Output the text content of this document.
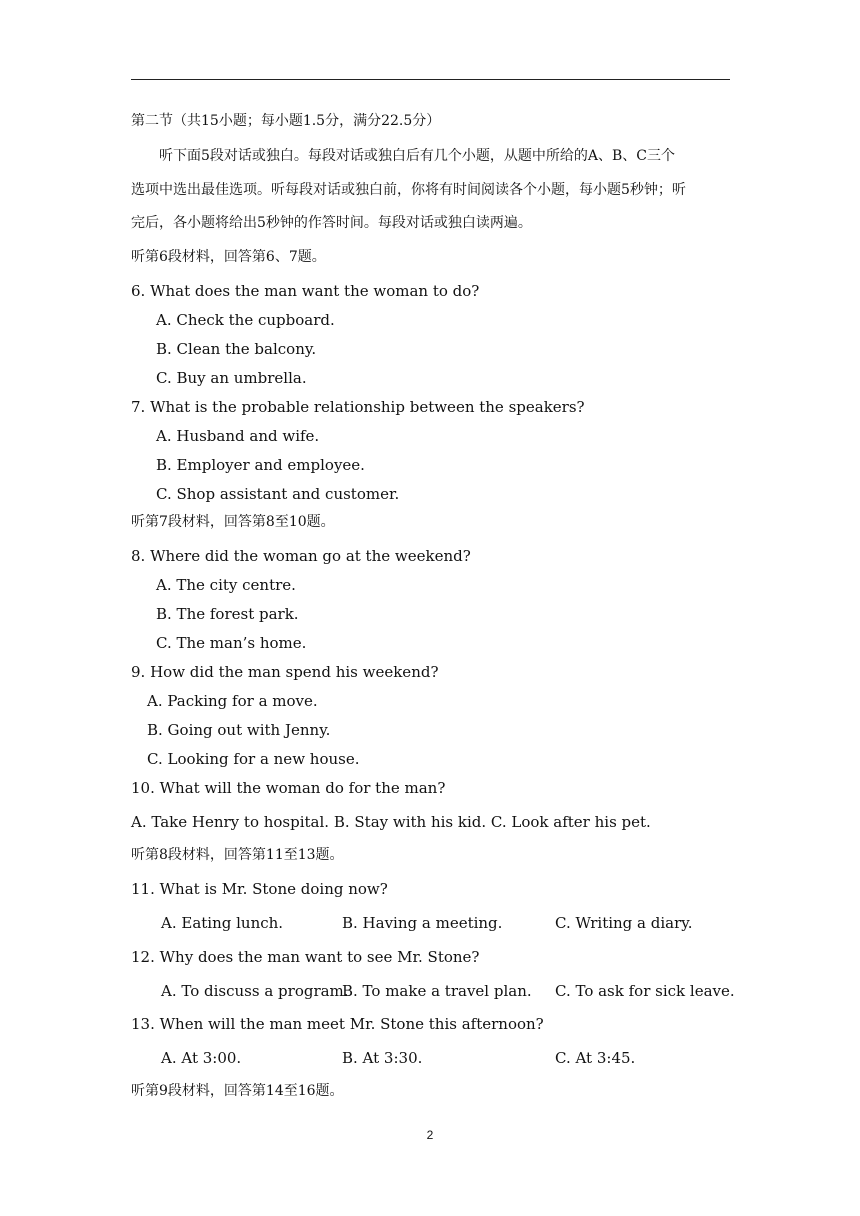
第二节（共15小题；每小题1.5分，满分22.5分）
听下面5段对话或独白。每段对话或独白后有几个小题，从题中所给的A、B、C三个
选项中选出最佳选项。听每段对话或独白前，你将有时间阅读各个小题，每小题5秒钟；听
完后，各小题将给出5秒钟的作答时间。每段对话或独白读两遍。
听第6段材料，回答第6、7题。
6. What does the man want the woman to do?
A. Check the cupboard.
B. Clean the balcony.
C. Buy an umbrella.
7. What is the probable relationship between the speakers?
A. Husband and wife.
B. Employer and employee.
C. Shop assistant and customer.
听第7段材料，回答第8至10题。
8. Where did the woman go at the weekend?
A. The city centre.
B. The forest park.
C. The man’s home.
9. How did the man spend his weekend?
A. Packing for a move.
B. Going out with Jenny.
C. Looking for a new house.
10. What will the woman do for the man?
A. Take Henry to hospital. B. Stay with his kid. C. Look after his pet.
听第8段材料，回答第11至13题。
11. What is Mr. Stone doing now?
A. Eating lunch.	B. Having a meeting.	C. Writing a diary.
12. Why does the man want to see Mr. Stone?
A. To discuss a program.
B. To make a travel plan. C. To ask for sick leave.
13. When will the man meet Mr. Stone this afternoon?
A. At 3:00.	B. At 3:30.	C. At 3:45.
听第9段材料，回答第14至16题。
2
